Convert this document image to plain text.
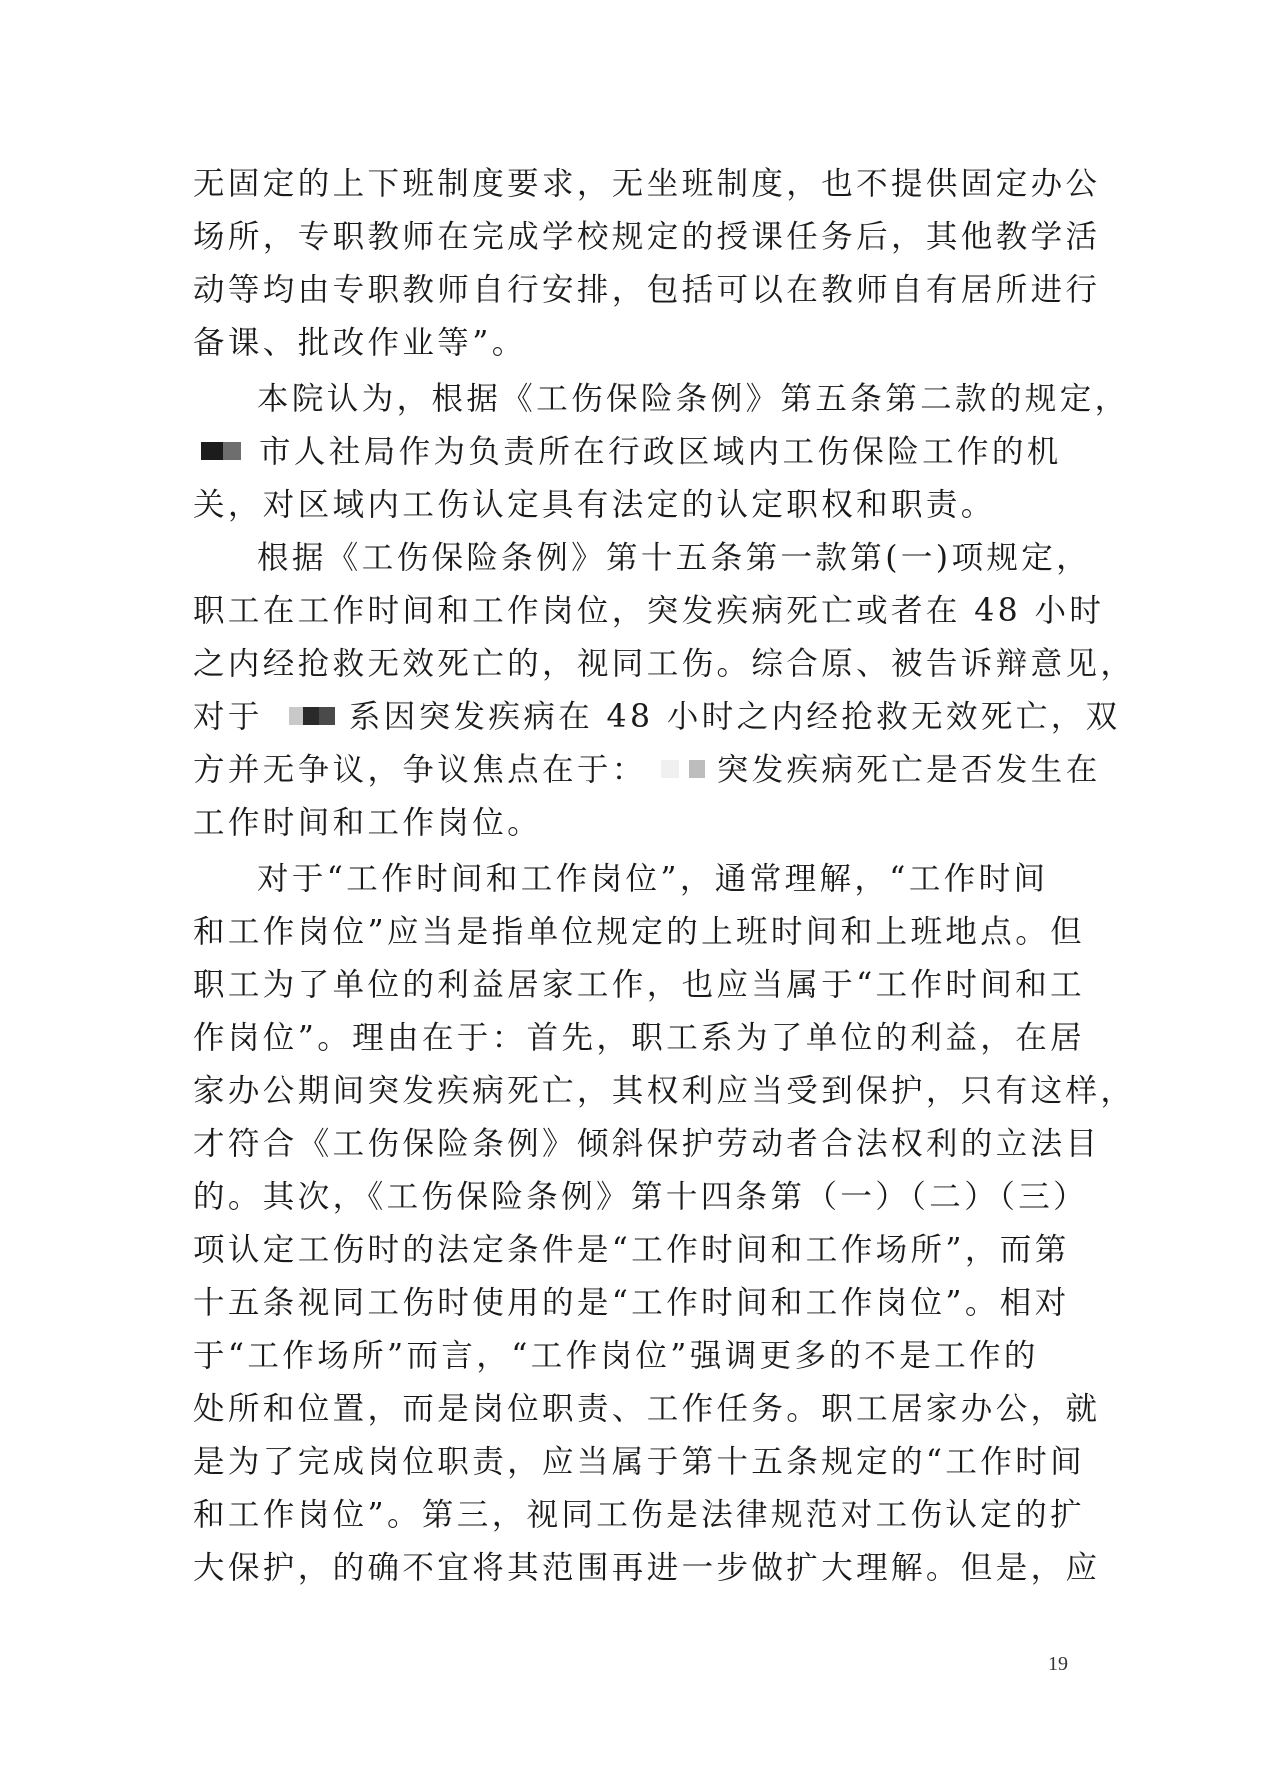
无固定的上下班制度要求，无坐班制度，也不提供固定办公
场所，专职教师在完成学校规定的授课任务后，其他教学活
动等均由专职教师自行安排，包括可以在教师自有居所进行
备课、批改作业等”。
本院认为，根据《工伤保险条例》第五条第二款的规定，
市人社局作为负责所在行政区域内工伤保险工作的机
关，对区域内工伤认定具有法定的认定职权和职责。
根据《工伤保险条例》第十五条第一款第(一)项规定，
职工在工作时间和工作岗位，突发疾病死亡或者在 48 小时
之内经抢救无效死亡的，视同工伤。综合原、被告诉辩意见，
对于	系因突发疾病在 48 小时之内经抢救无效死亡，双
方并无争议，争议焦点在于： 突发疾病死亡是否发生在
工作时间和工作岗位。
对于“工作时间和工作岗位”，通常理解，“工作时间
和工作岗位”应当是指单位规定的上班时间和上班地点。但
职工为了单位的利益居家工作，也应当属于“工作时间和工
作岗位”。理由在于：首先，职工系为了单位的利益，在居
家办公期间突发疾病死亡，其权利应当受到保护，只有这样，
才符合《工伤保险条例》倾斜保护劳动者合法权利的立法目
的。其次，《工伤保险条例》第十四条第（一）（二）（三）
项认定工伤时的法定条件是“工作时间和工作场所”，而第
十五条视同工伤时使用的是“工作时间和工作岗位”。相对
于“工作场所”而言，“工作岗位”强调更多的不是工作的
处所和位置，而是岗位职责、工作任务。职工居家办公，就
是为了完成岗位职责，应当属于第十五条规定的“工作时间
和工作岗位”。第三，视同工伤是法律规范对工伤认定的扩
大保护，的确不宜将其范围再进一步做扩大理解。但是，应
19
